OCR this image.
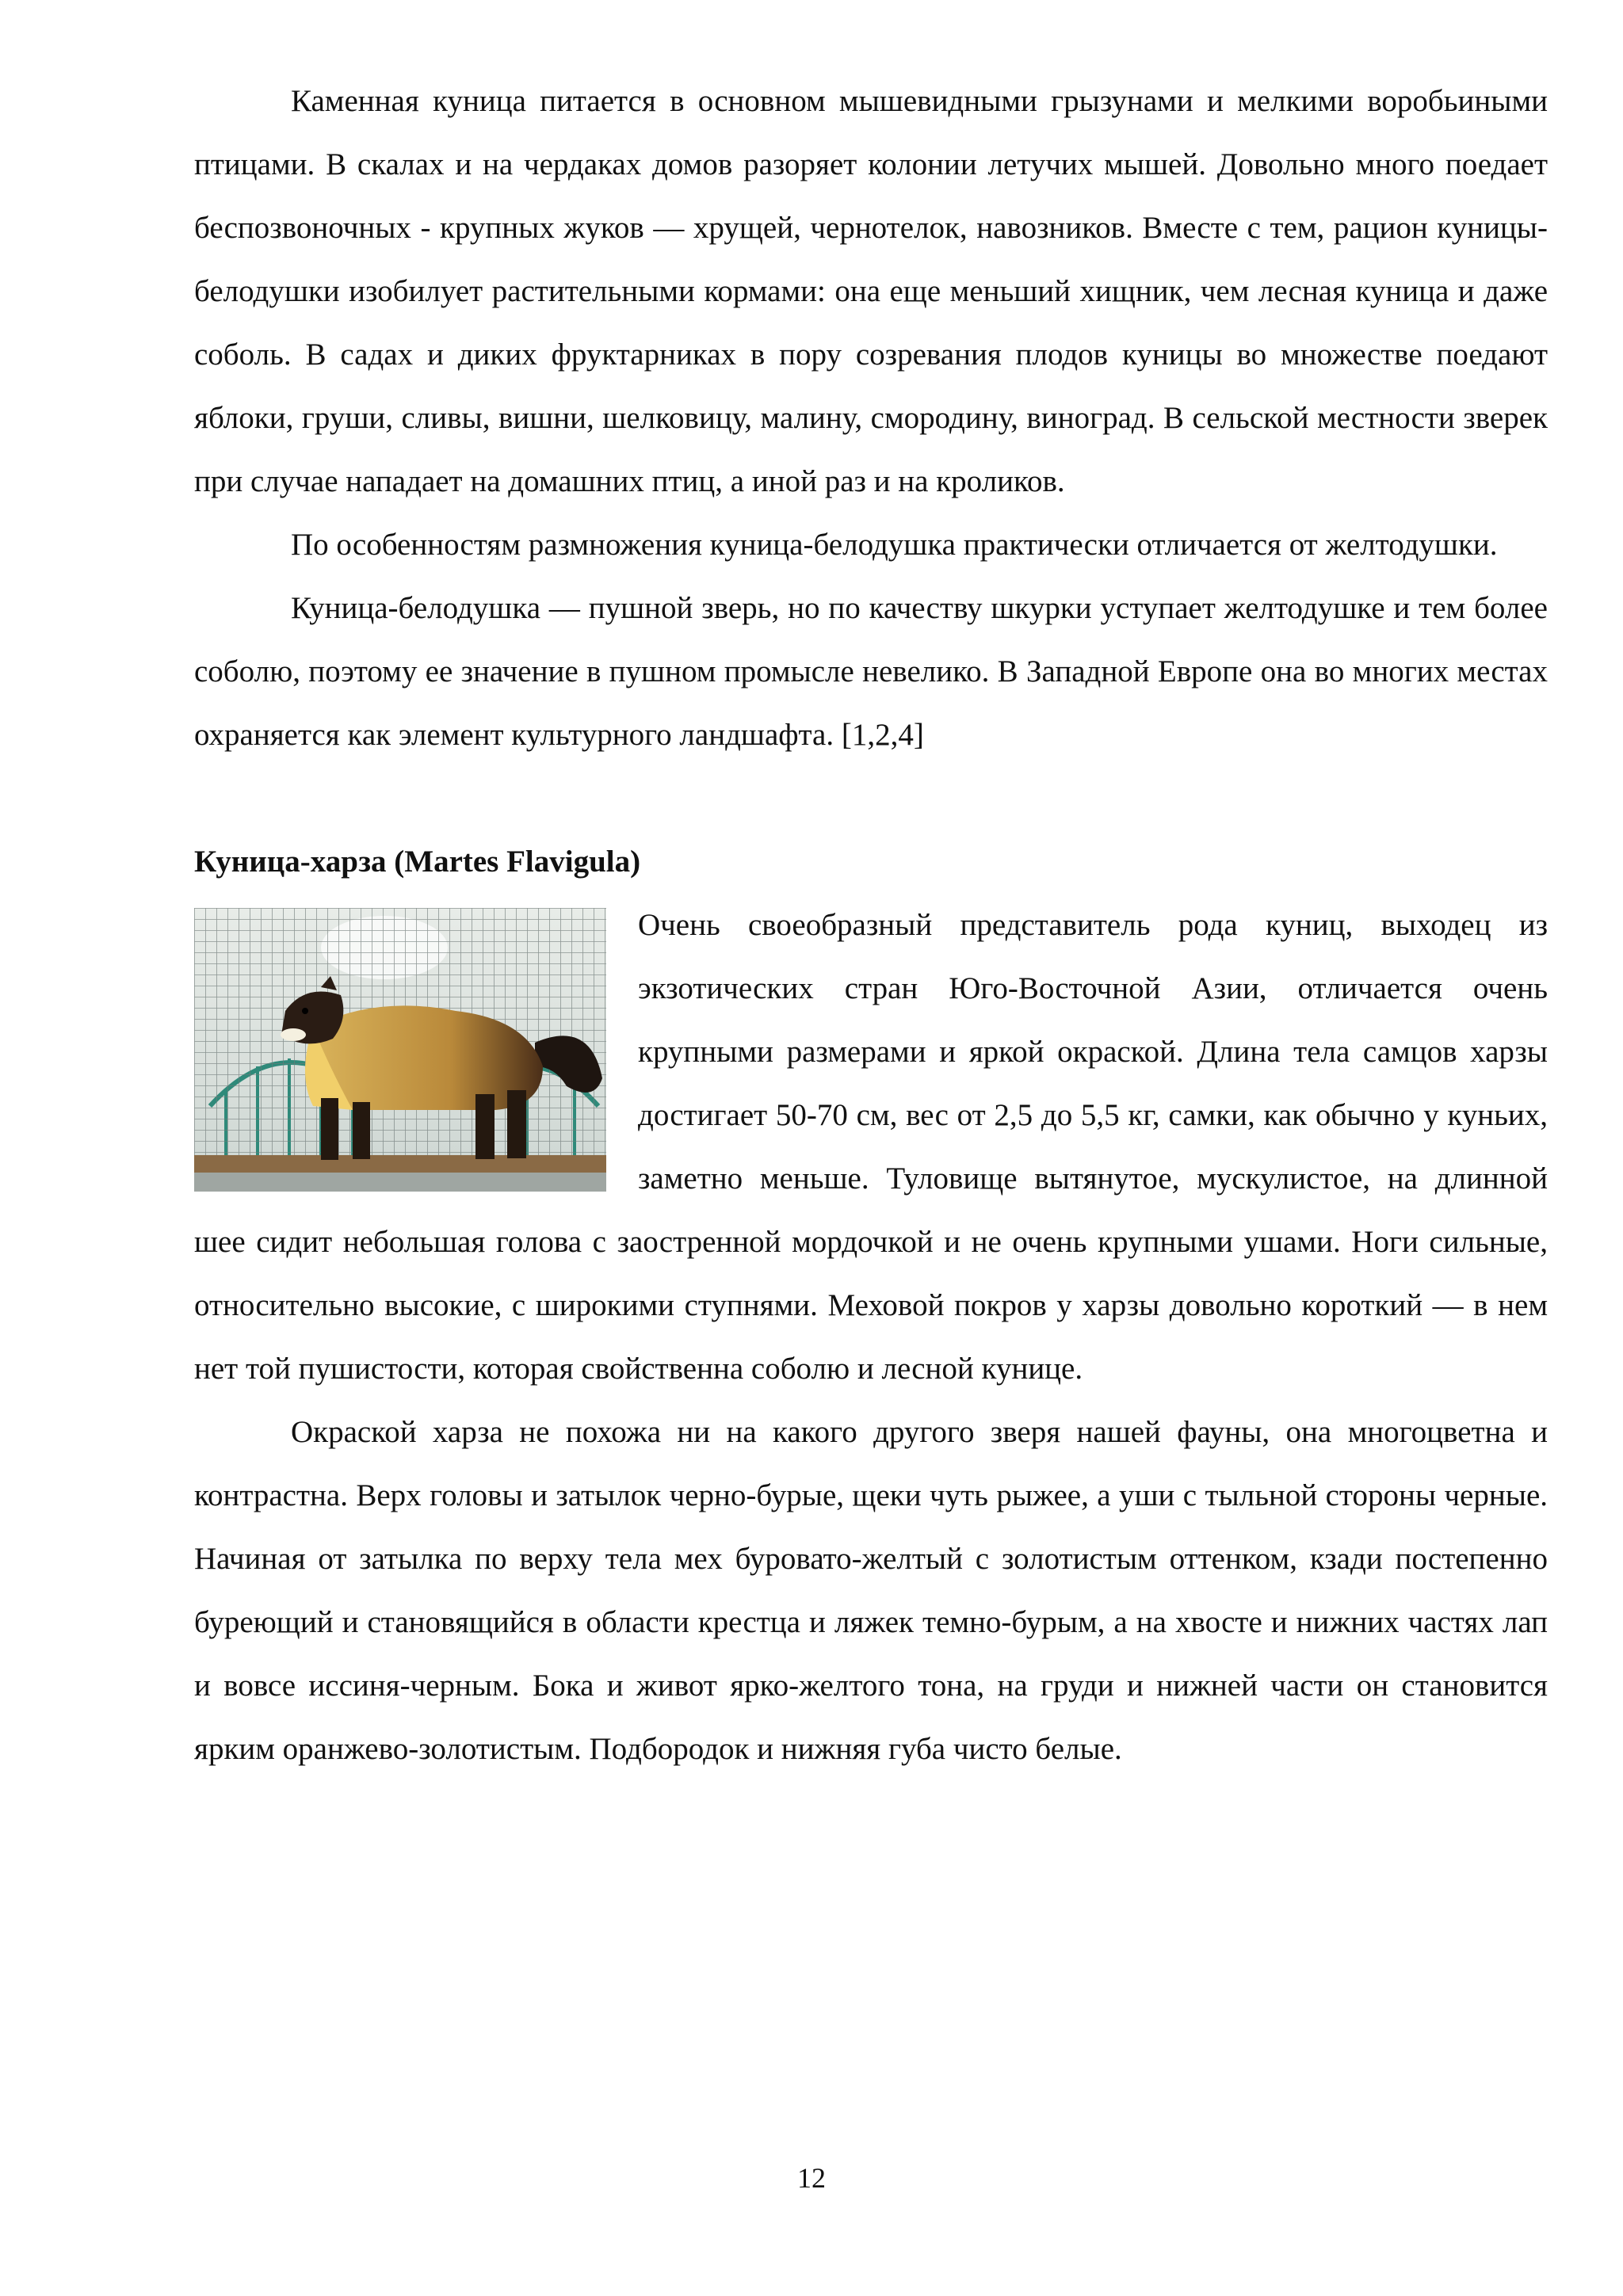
Каменная куница питается в основном мышевидными грызунами и мелкими воробьиными птицами. В скалах и на чердаках домов разоряет колонии летучих мышей. Довольно много поедает беспозвоночных - крупных жуков — хрущей, чернотелок, навозников. Вместе с тем, рацион куницы-белодушки изобилует растительными кормами: она еще меньший хищник, чем лесная куница и даже соболь. В садах и диких фруктарниках в пору созревания плодов куницы во множестве поедают яблоки, груши, сливы, вишни, шелковицу, малину, смородину, виноград. В сельской местности зверек при случае нападает на домашних птиц, а иной раз и на кроликов.

По особенностям размножения куница-белодушка практически отличается от желтодушки.

Куница-белодушка — пушной зверь, но по качеству шкурки уступает желтодушке и тем более соболю, поэтому ее значение в пушном промысле невелико. В Западной Европе она во многих местах охраняется как элемент культурного ландшафта. [1,2,4]

Куница-харза (Martes Flavigula)

Очень своеобразный представитель рода куниц, выходец из экзотических стран Юго-Восточной Азии, отличается очень крупными размерами и яркой окраской. Длина тела самцов харзы достигает 50-70 см, вес от 2,5 до 5,5 кг, самки, как обычно у куньих, заметно меньше. Туловище вытянутое, мускулистое, на длинной шее сидит небольшая голова с заостренной мордочкой и не очень крупными ушами. Ноги сильные, относительно высокие, с широкими ступнями. Меховой покров у харзы довольно короткий — в нем нет той пушистости, которая свойственна соболю и лесной кунице.

Окраской харза не похожа ни на какого другого зверя нашей фауны, она многоцветна и контрастна. Верх головы и затылок черно-бурые, щеки чуть рыжее, а уши с тыльной стороны черные. Начиная от затылка по верху тела мех буровато-желтый с золотистым оттенком, кзади постепенно буреющий и становящийся в области крестца и ляжек темно-бурым, а на хвосте и нижних частях лап и вовсе иссиня-черным. Бока и живот ярко-желтого тона, на груди и нижней части он становится ярким оранжево-золотистым. Подбородок и нижняя губа чисто белые.

12
